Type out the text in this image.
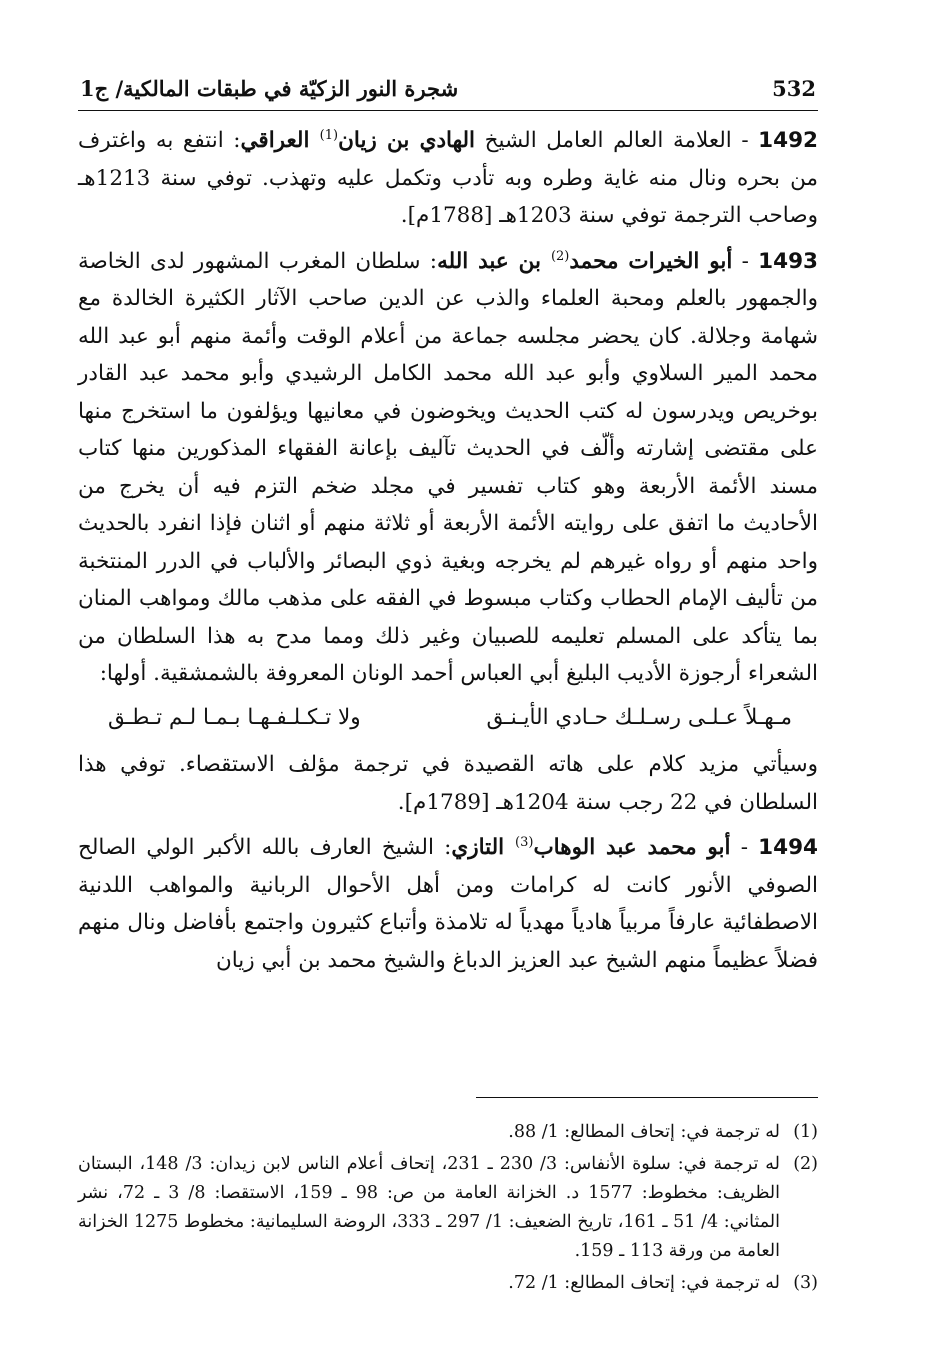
532
شجرة النور الزكيّة في طبقات المالكية/ ج1

1492 - العلامة العالم العامل الشيخ الهادي بن زيان$^{(1)}$ العراقي: انتفع به واغترف من بحره ونال منه غاية وطره وبه تأدب وتكمل عليه وتهذب. توفي سنة 1213هـ وصاحب الترجمة توفي سنة 1203هـ [1788م].

1493 - أبو الخيرات محمد$^{(2)}$ بن عبد الله: سلطان المغرب المشهور لدى الخاصة والجمهور بالعلم ومحبة العلماء والذب عن الدين صاحب الآثار الكثيرة الخالدة مع شهامة وجلالة. كان يحضر مجلسه جماعة من أعلام الوقت وأئمة منهم أبو عبد الله محمد المير السلاوي وأبو عبد الله محمد الكامل الرشيدي وأبو محمد عبد القادر بوخريص ويدرسون له كتب الحديث ويخوضون في معانيها ويؤلفون ما استخرج منها على مقتضى إشارته وألّف في الحديث تآليف بإعانة الفقهاء المذكورين منها كتاب مسند الأئمة الأربعة وهو كتاب تفسير في مجلد ضخم التزم فيه أن يخرج من الأحاديث ما اتفق على روايته الأئمة الأربعة أو ثلاثة منهم أو اثنان فإذا انفرد بالحديث واحد منهم أو رواه غيرهم لم يخرجه وبغية ذوي البصائر والألباب في الدرر المنتخبة من تأليف الإمام الحطاب وكتاب مبسوط في الفقه على مذهب مالك ومواهب المنان بما يتأكد على المسلم تعليمه للصبيان وغير ذلك ومما مدح به هذا السلطان من الشعراء أرجوزة الأديب البليغ أبي العباس أحمد الونان المعروفة بالشمشقية. أولها:

مـهـلاً عـلـى رسـلـك حـادي الأيـنـق
ولا تـكـلـفـهـا بـمـا لـم تـطـق

وسيأتي مزيد كلام على هاته القصيدة في ترجمة مؤلف الاستقصاء. توفي هذا السلطان في 22 رجب سنة 1204هـ [1789م].

1494 - أبو محمد عبد الوهاب$^{(3)}$ التازي: الشيخ العارف بالله الأكبر الولي الصالح الصوفي الأنور كانت له كرامات ومن أهل الأحوال الربانية والمواهب اللدنية الاصطفائية عارفاً مربياً هادياً مهدياً له تلامذة وأتباع كثيرون واجتمع بأفاضل ونال منهم فضلاً عظيماً منهم الشيخ عبد العزيز الدباغ والشيخ محمد بن أبي زيان

(1)
له ترجمة في: إتحاف المطالع: 1/ 88.
(2)
له ترجمة في: سلوة الأنفاس: 3/ 230 ـ 231، إتحاف أعلام الناس لابن زيدان: 3/ 148، البستان الظريف: مخطوط: 1577 د. الخزانة العامة من ص: 98 ـ 159، الاستقصا: 8/ 3 ـ 72، نشر المثاني: 4/ 51 ـ 161، تاريخ الضعيف: 1/ 297 ـ 333، الروضة السليمانية: مخطوط 1275 الخزانة العامة من ورقة 113 ـ 159.
(3)
له ترجمة في: إتحاف المطالع: 1/ 72.
